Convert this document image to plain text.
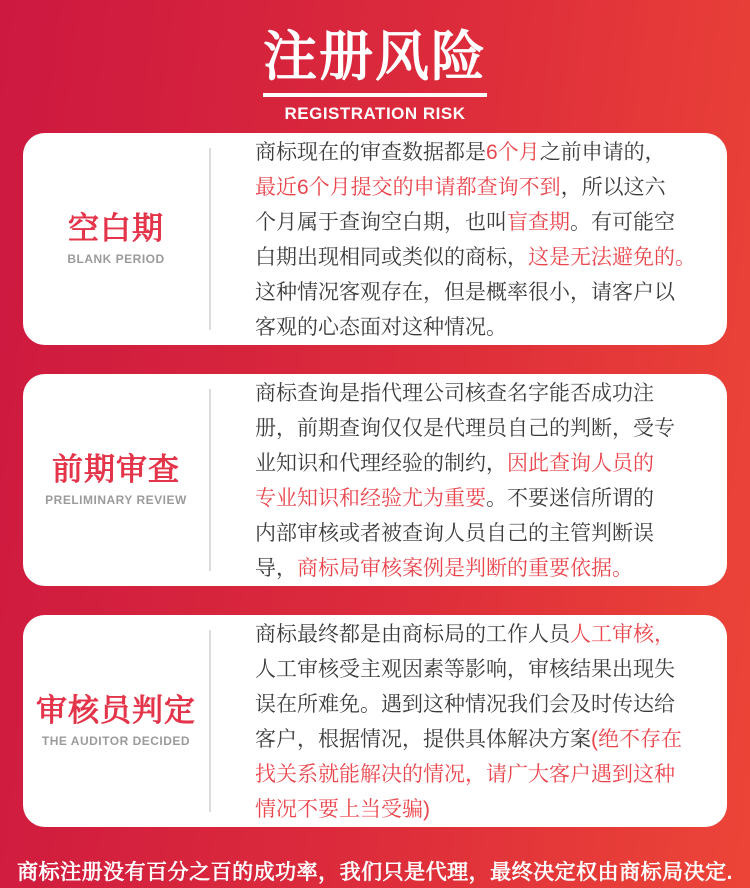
注册风险
REGISTRATION RISK
空白期
BLANK PERIOD
商标现在的审查数据都是6个月之前申请的，
最近6个月提交的申请都查询不到，所以这六
个月属于查询空白期，也叫盲查期。有可能空
白期出现相同或类似的商标，这是无法避免的。
这种情况客观存在，但是概率很小，请客户以
客观的心态面对这种情况。
前期审查
PRELIMINARY REVIEW
商标查询是指代理公司核查名字能否成功注
册，前期查询仅仅是代理员自己的判断，受专
业知识和代理经验的制约，因此查询人员的
专业知识和经验尤为重要。不要迷信所谓的
内部审核或者被查询人员自己的主管判断误
导，商标局审核案例是判断的重要依据。
审核员判定
THE AUDITOR DECIDED
商标最终都是由商标局的工作人员人工审核，
人工审核受主观因素等影响，审核结果出现失
误在所难免。遇到这种情况我们会及时传达给
客户，根据情况，提供具体解决方案(绝不存在
找关系就能解决的情况，请广大客户遇到这种
情况不要上当受骗)
商标注册没有百分之百的成功率，我们只是代理，最终决定权由商标局决定.
